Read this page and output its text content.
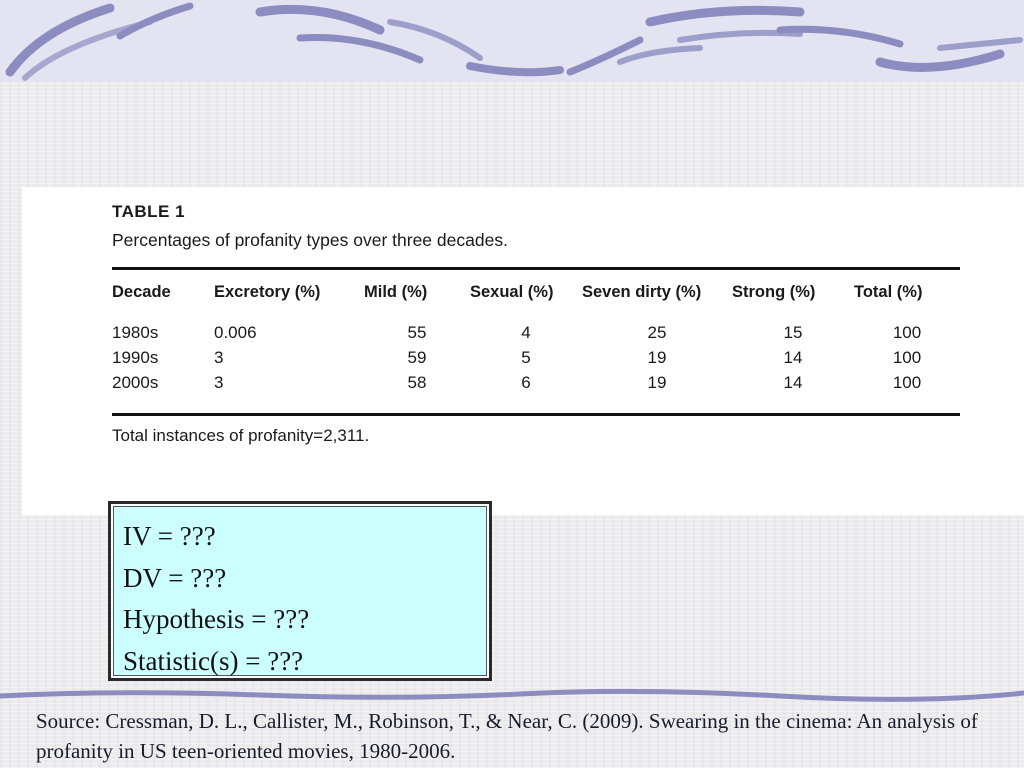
TABLE 1
Percentages of profanity types over three decades.
Decade	Excretory (%)	Mild (%)	Sexual (%)	Seven dirty (%)	Strong (%)	Total (%)
1980s	0.006	55	4	25	15	100
1990s	3	59	5	19	14	100
2000s	3	58	6	19	14	100
Total instances of profanity=2,311.
IV = ???
DV = ???
Hypothesis = ???
Statistic(s) = ???
Source: Cressman, D. L., Callister, M., Robinson, T., & Near, C. (2009). Swearing in the cinema: An analysis of profanity in US teen-oriented movies, 1980-2006.
